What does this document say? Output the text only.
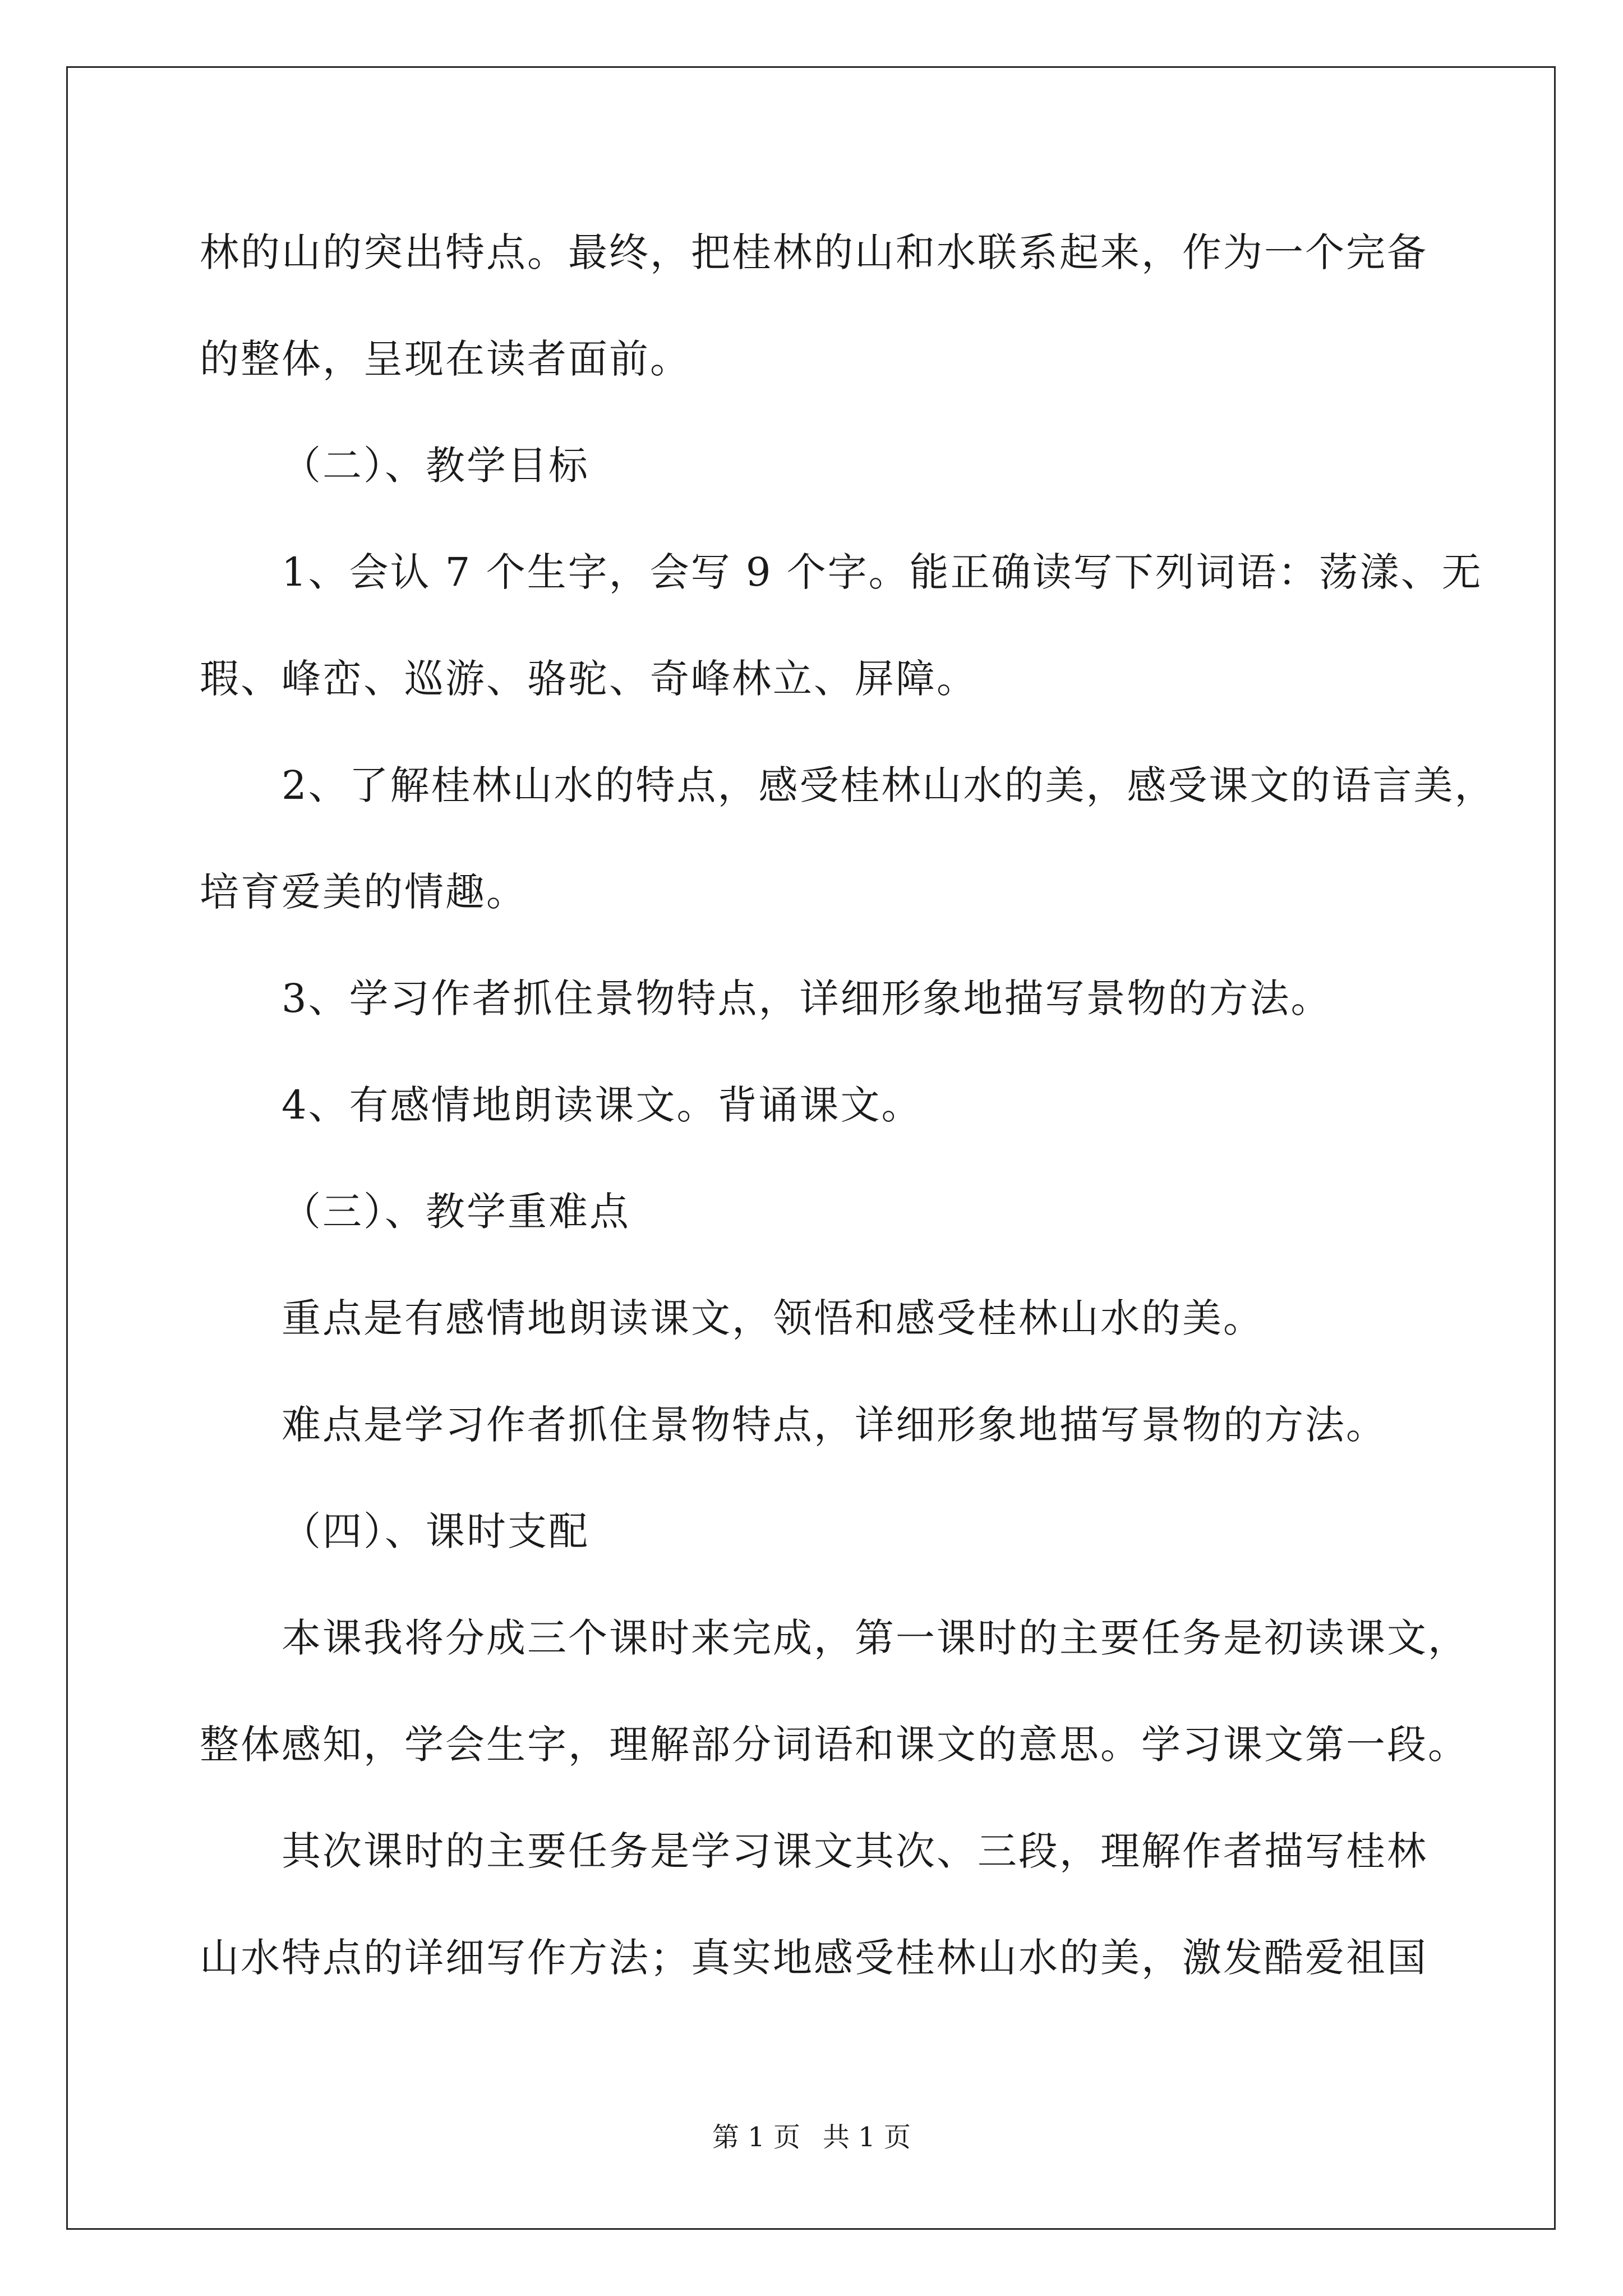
林的山的突出特点。最终，把桂林的山和水联系起来，作为一个完备
的整体，呈现在读者面前。
（二）、教学目标
1、会认 7 个生字，会写 9 个字。能正确读写下列词语：荡漾、无
瑕、峰峦、巡游、骆驼、奇峰林立、屏障。
2、了解桂林山水的特点，感受桂林山水的美，感受课文的语言美，
培育爱美的情趣。
3、学习作者抓住景物特点，详细形象地描写景物的方法。
4、有感情地朗读课文。背诵课文。
（三）、教学重难点
重点是有感情地朗读课文，领悟和感受桂林山水的美。
难点是学习作者抓住景物特点，详细形象地描写景物的方法。
（四）、课时支配
本课我将分成三个课时来完成，第一课时的主要任务是初读课文，
整体感知，学会生字，理解部分词语和课文的意思。学习课文第一段。
其次课时的主要任务是学习课文其次、三段，理解作者描写桂林
山水特点的详细写作方法；真实地感受桂林山水的美，激发酷爱祖国
第 1 页 共 1 页
